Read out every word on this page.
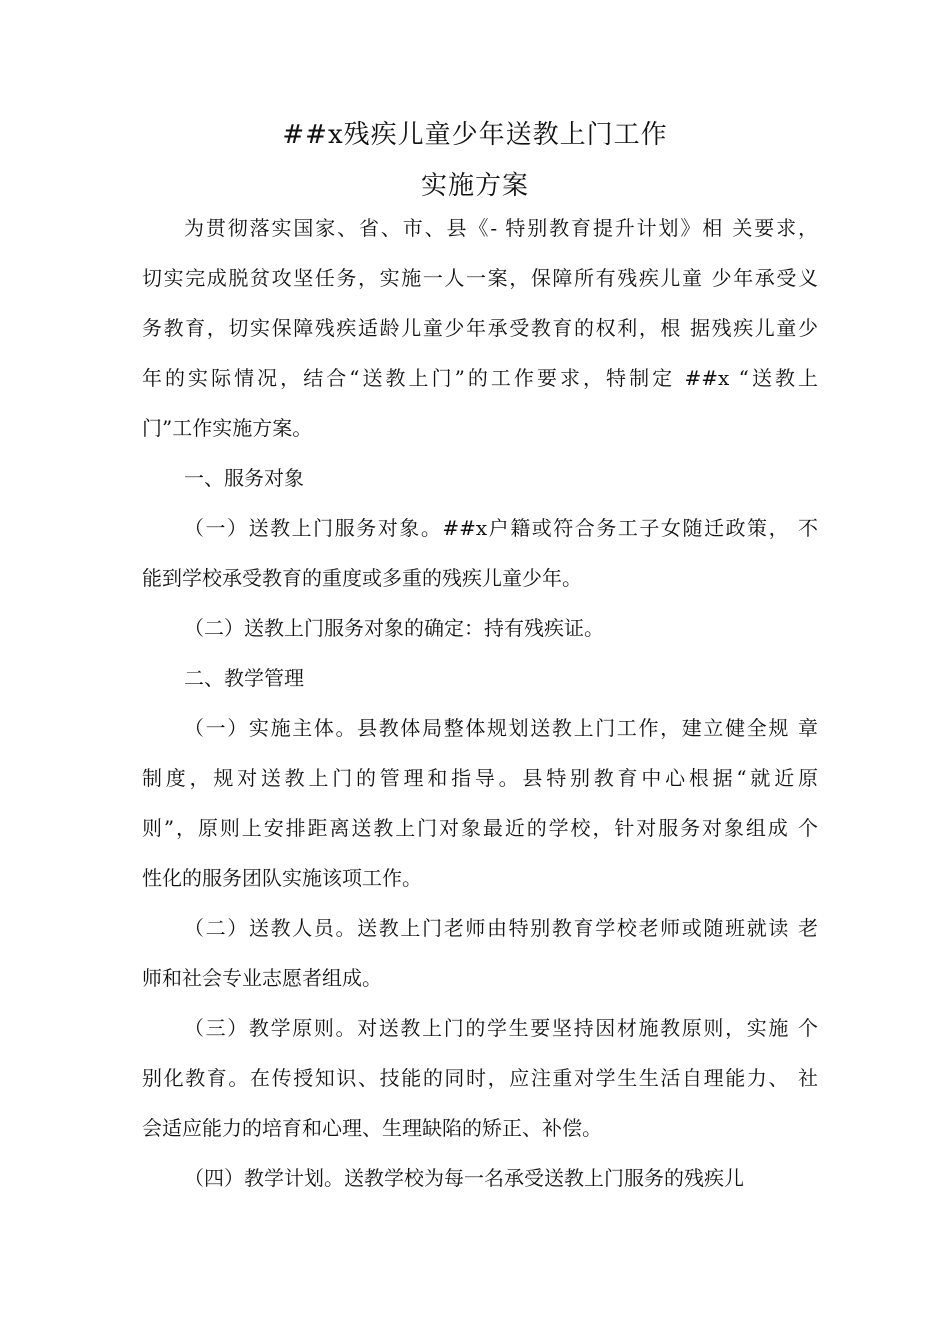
##x残疾儿童少年送教上门工作
实施方案
为贯彻落实国家、省、市、县《- 特别教育提升计划》相 关要求，
切实完成脱贫攻坚任务，实施一人一案，保障所有残疾儿童 少年承受义
务教育，切实保障残疾适龄儿童少年承受教育的权利，根 据残疾儿童少
年的实际情况，结合“送教上门”的工作要求，特制定 ##x “送教上
门”工作实施方案。
一、服务对象
（一）送教上门服务对象。##x户籍或符合务工子女随迁政策， 不
能到学校承受教育的重度或多重的残疾儿童少年。
（二）送教上门服务对象的确定：持有残疾证。
二、教学管理
（一）实施主体。县教体局整体规划送教上门工作，建立健全规 章
制度，规对送教上门的管理和指导。县特别教育中心根据“就近原
则”，原则上安排距离送教上门对象最近的学校，针对服务对象组成 个
性化的服务团队实施该项工作。
（二）送教人员。送教上门老师由特别教育学校老师或随班就读 老
师和社会专业志愿者组成。
（三）教学原则。对送教上门的学生要坚持因材施教原则，实施 个
别化教育。在传授知识、技能的同时，应注重对学生生活自理能力、 社
会适应能力的培育和心理、生理缺陷的矫正、补偿。
（四）教学计划。送教学校为每一名承受送教上门服务的残疾儿
